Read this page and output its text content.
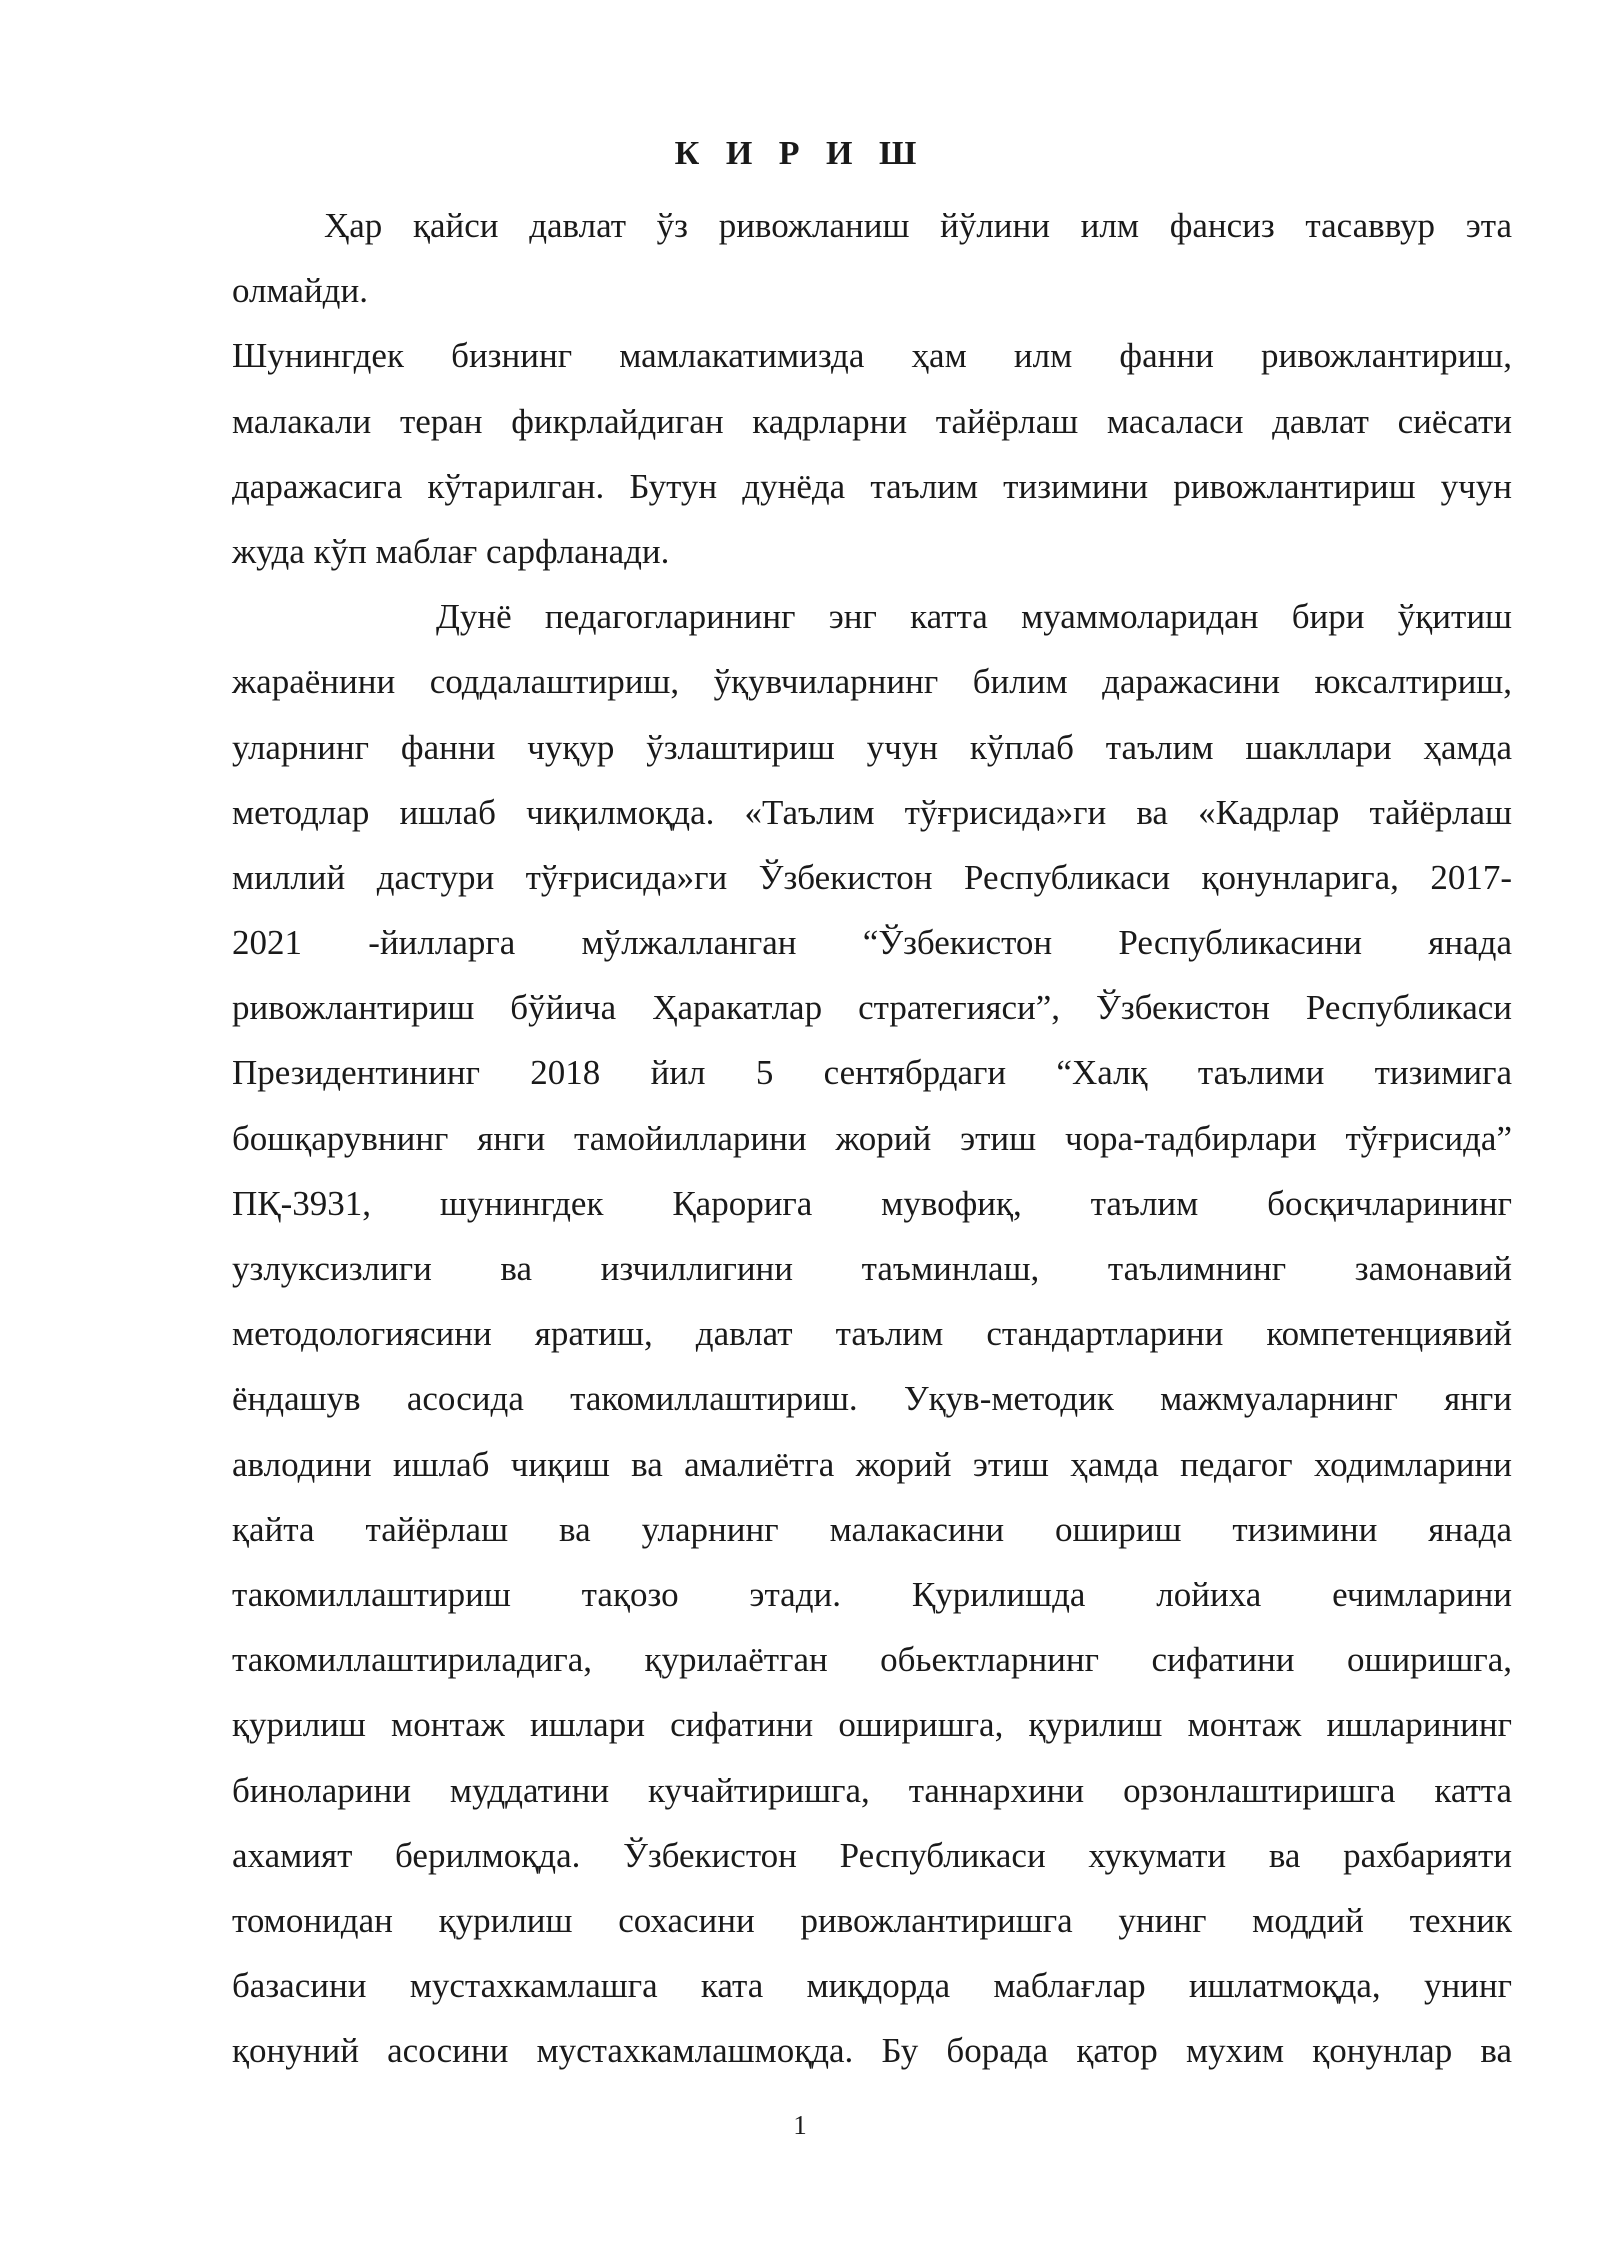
К И Р И Ш
Ҳар қайси давлат ўз ривожланиш йўлини илм фансиз тасаввур эта
олмайди.
Шунингдек бизнинг мамлакатимизда ҳам илм фанни ривожлантириш,
малакали теран фикрлайдиган кадрларни тайёрлаш масаласи давлат сиёсати
даражасига кўтарилган. Бутун дунёда таълим тизимини ривожлантириш учун
жуда кўп маблағ сарфланади.
Дунё педагогларининг энг катта муаммоларидан бири ўқитиш
жараёнини соддалаштириш, ўқувчиларнинг билим даражасини юксалтириш,
уларнинг фанни чуқур ўзлаштириш учун кўплаб таълим шакллари ҳамда
методлар ишлаб чиқилмоқда. «Таълим тўғрисида»ги ва «Кадрлар тайёрлаш
миллий дастури тўғрисида»ги Ўзбекистон Республикаси қонунларига, 2017-
2021 -йилларга мўлжалланган “Ўзбекистон Республикасини янада
ривожлантириш бўйича Ҳаракатлар стратегияси”, Ўзбекистон Республикаси
Президентининг 2018 йил 5 сентябрдаги “Халқ таълими тизимига
бошқарувнинг янги тамойилларини жорий этиш чора-тадбирлари тўғрисида”
ПҚ-3931, шунингдек Қарорига мувофиқ, таълим босқичларининг
узлуксизлиги ва изчиллигини таъминлаш, таълимнинг замонавий
методологиясини яратиш, давлат таълим стандартларини компетенциявий
ёндашув асосида такомиллаштириш. Уқув-методик мажмуаларнинг янги
авлодини ишлаб чиқиш ва амалиётга жорий этиш ҳамда педагог ходимларини
қайта тайёрлаш ва уларнинг малакасини ошириш тизимини янада
такомиллаштириш тақозо этади. Қурилишда лойиха ечимларини
такомиллаштириладига, қурилаётган обьектларнинг сифатини оширишга,
қурилиш монтаж ишлари сифатини оширишга, қурилиш монтаж ишларининг
биноларини муддатини кучайтиришга, таннархини орзонлаштиришга катта
ахамият берилмоқда. Ўзбекистон Республикаси хукумати ва рахбарияти
томонидан қурилиш сохасини ривожлантиришга унинг моддий техник
базасини мустахкамлашга ката миқдорда маблағлар ишлатмоқда, унинг
қонуний асосини мустахкамлашмоқда. Бу борада қатор мухим қонунлар ва
1
